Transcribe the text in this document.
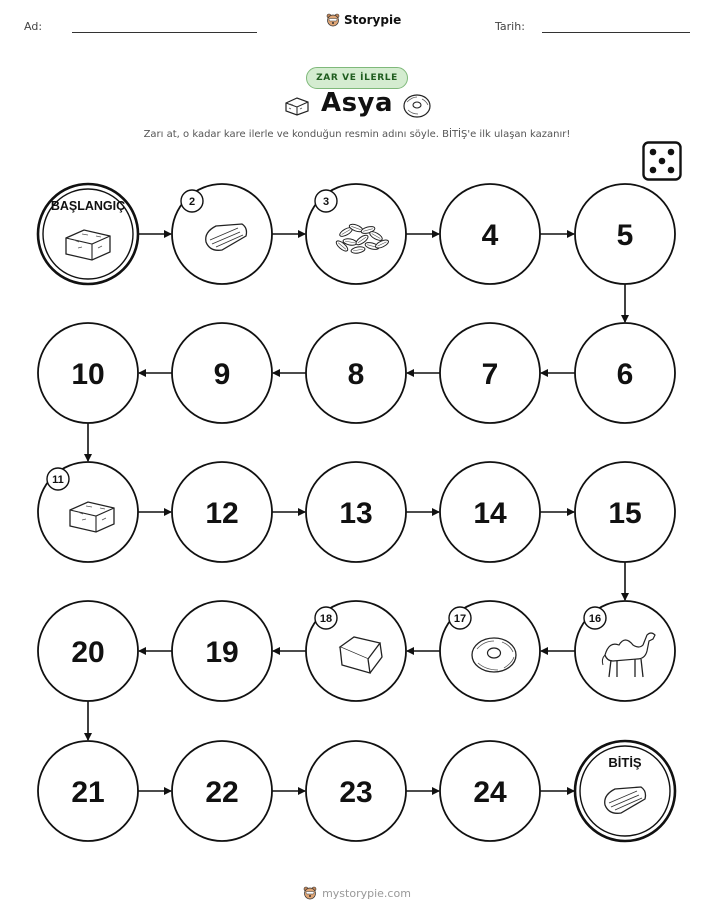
Ad:	Storypie	Tarih:
ZAR VE İLERLE
Asya
Zarı at, o kadar kare ilerle ve konduğun resmin adını söyle. BİTİŞ'e ilk ulaşan kazanır!
BAŞLANGIÇ	2	3
4	5
6
7
8
9
10
11
12	13	14	15
16
17
18
19
20
21	22	23	24
BİTİŞ
mystorypie.com
